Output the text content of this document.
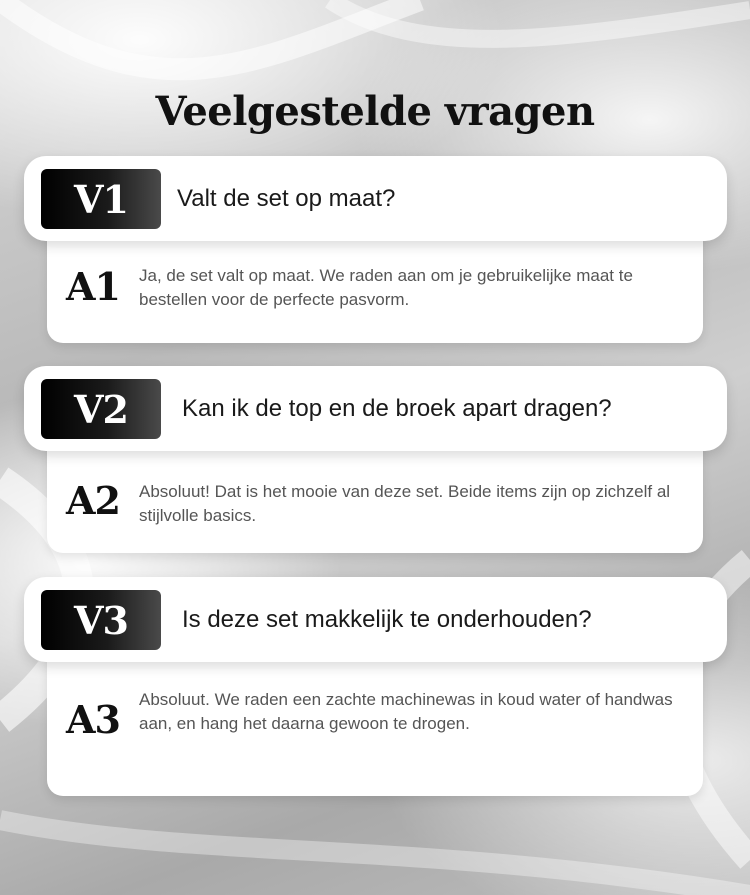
Veelgestelde vragen
A1 Ja, de set valt op maat. We raden aan om je gebruikelijke maat te bestellen voor de perfecte pasvorm.
V1	Valt de set op maat?
A2 Absoluut! Dat is het mooie van deze set. Beide items zijn op zichzelf al stijlvolle basics.
V2	Kan ik de top en de broek apart dragen?
A3 Absoluut. We raden een zachte machinewas in koud water of handwas aan, en hang het daarna gewoon te drogen.
V3	Is deze set makkelijk te onderhouden?
